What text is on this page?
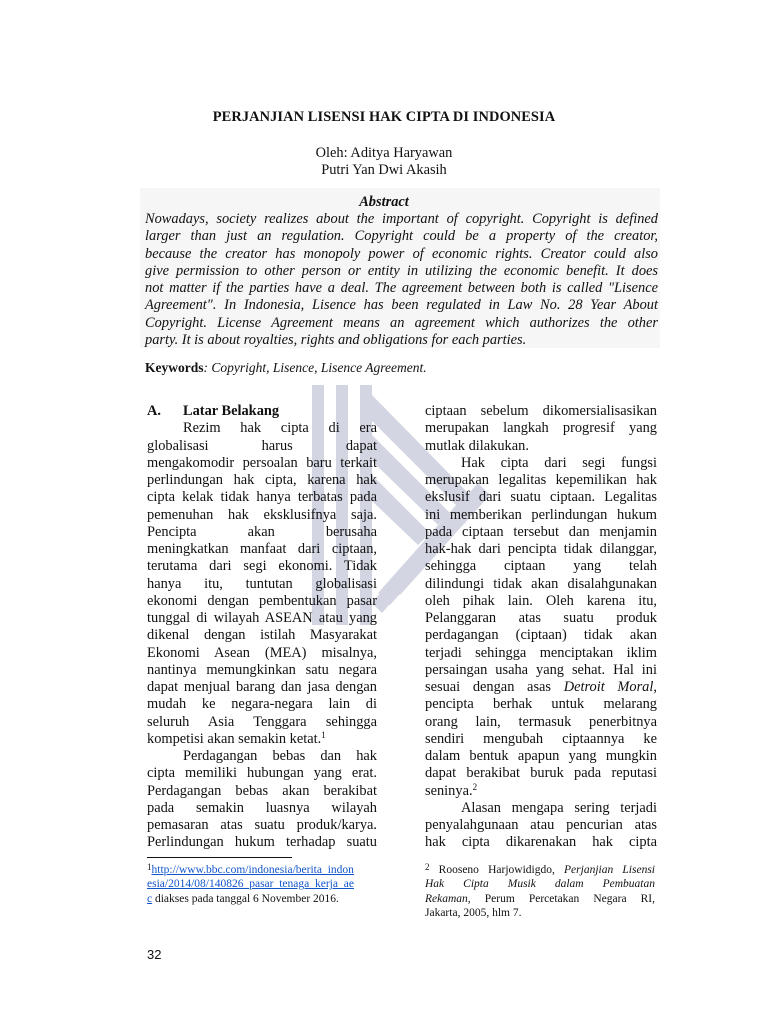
PERJANJIAN LISENSI HAK CIPTA DI INDONESIA
Oleh: Aditya Haryawan
Putri Yan Dwi Akasih
Abstract
Nowadays, society realizes about the important of copyright. Copyright is defined
larger than just an regulation. Copyright could be a property of the creator,
because the creator has monopoly power of economic rights. Creator could also
give permission to other person or entity in utilizing the economic benefit. It does
not matter if the parties have a deal. The agreement between both is called "Lisence
Agreement". In Indonesia, Lisence has been regulated in Law No. 28 Year About
Copyright. License Agreement means an agreement which authorizes the other
party. It is about royalties, rights and obligations for each parties.
Keywords: Copyright, Lisence, Lisence Agreement.
A. Latar Belakang
Rezim hak cipta di era
globalisasi harus dapat
mengakomodir persoalan baru terkait
perlindungan hak cipta, karena hak
cipta kelak tidak hanya terbatas pada
pemenuhan hak eksklusifnya saja.
Pencipta akan berusaha
meningkatkan manfaat dari ciptaan,
terutama dari segi ekonomi. Tidak
hanya itu, tuntutan globalisasi
ekonomi dengan pembentukan pasar
tunggal di wilayah ASEAN atau yang
dikenal dengan istilah Masyarakat
Ekonomi Asean (MEA) misalnya,
nantinya memungkinkan satu negara
dapat menjual barang dan jasa dengan
mudah ke negara-negara lain di
seluruh Asia Tenggara sehingga
kompetisi akan semakin ketat.$^1$
Perdagangan bebas dan hak
cipta memiliki hubungan yang erat.
Perdagangan bebas akan berakibat
pada semakin luasnya wilayah
pemasaran atas suatu produk/karya.
Perlindungan hukum terhadap suatu
ciptaan sebelum dikomersialisasikan
merupakan langkah progresif yang
mutlak dilakukan.
Hak cipta dari segi fungsi
merupakan legalitas kepemilikan hak
ekslusif dari suatu ciptaan. Legalitas
ini memberikan perlindungan hukum
pada ciptaan tersebut dan menjamin
hak-hak dari pencipta tidak dilanggar,
sehingga ciptaan yang telah
dilindungi tidak akan disalahgunakan
oleh pihak lain. Oleh karena itu,
Pelanggaran atas suatu produk
perdagangan (ciptaan) tidak akan
terjadi sehingga menciptakan iklim
persaingan usaha yang sehat. Hal ini
sesuai dengan asas Detroit Moral,
pencipta berhak untuk melarang
orang lain, termasuk penerbitnya
sendiri mengubah ciptaannya ke
dalam bentuk apapun yang mungkin
dapat berakibat buruk pada reputasi
seninya.$^2$
Alasan mengapa sering terjadi
penyalahgunaan atau pencurian atas
hak cipta dikarenakan hak cipta
$^1$http://www.bbc.com/indonesia/berita_indon
esia/2014/08/140826_pasar_tenaga_kerja_ae
c diakses pada tanggal 6 November 2016.
$^2$ Rooseno Harjowidigdo, Perjanjian Lisensi
Hak Cipta Musik dalam Pembuatan
Rekaman, Perum Percetakan Negara RI,
Jakarta, 2005, hlm 7.
32
